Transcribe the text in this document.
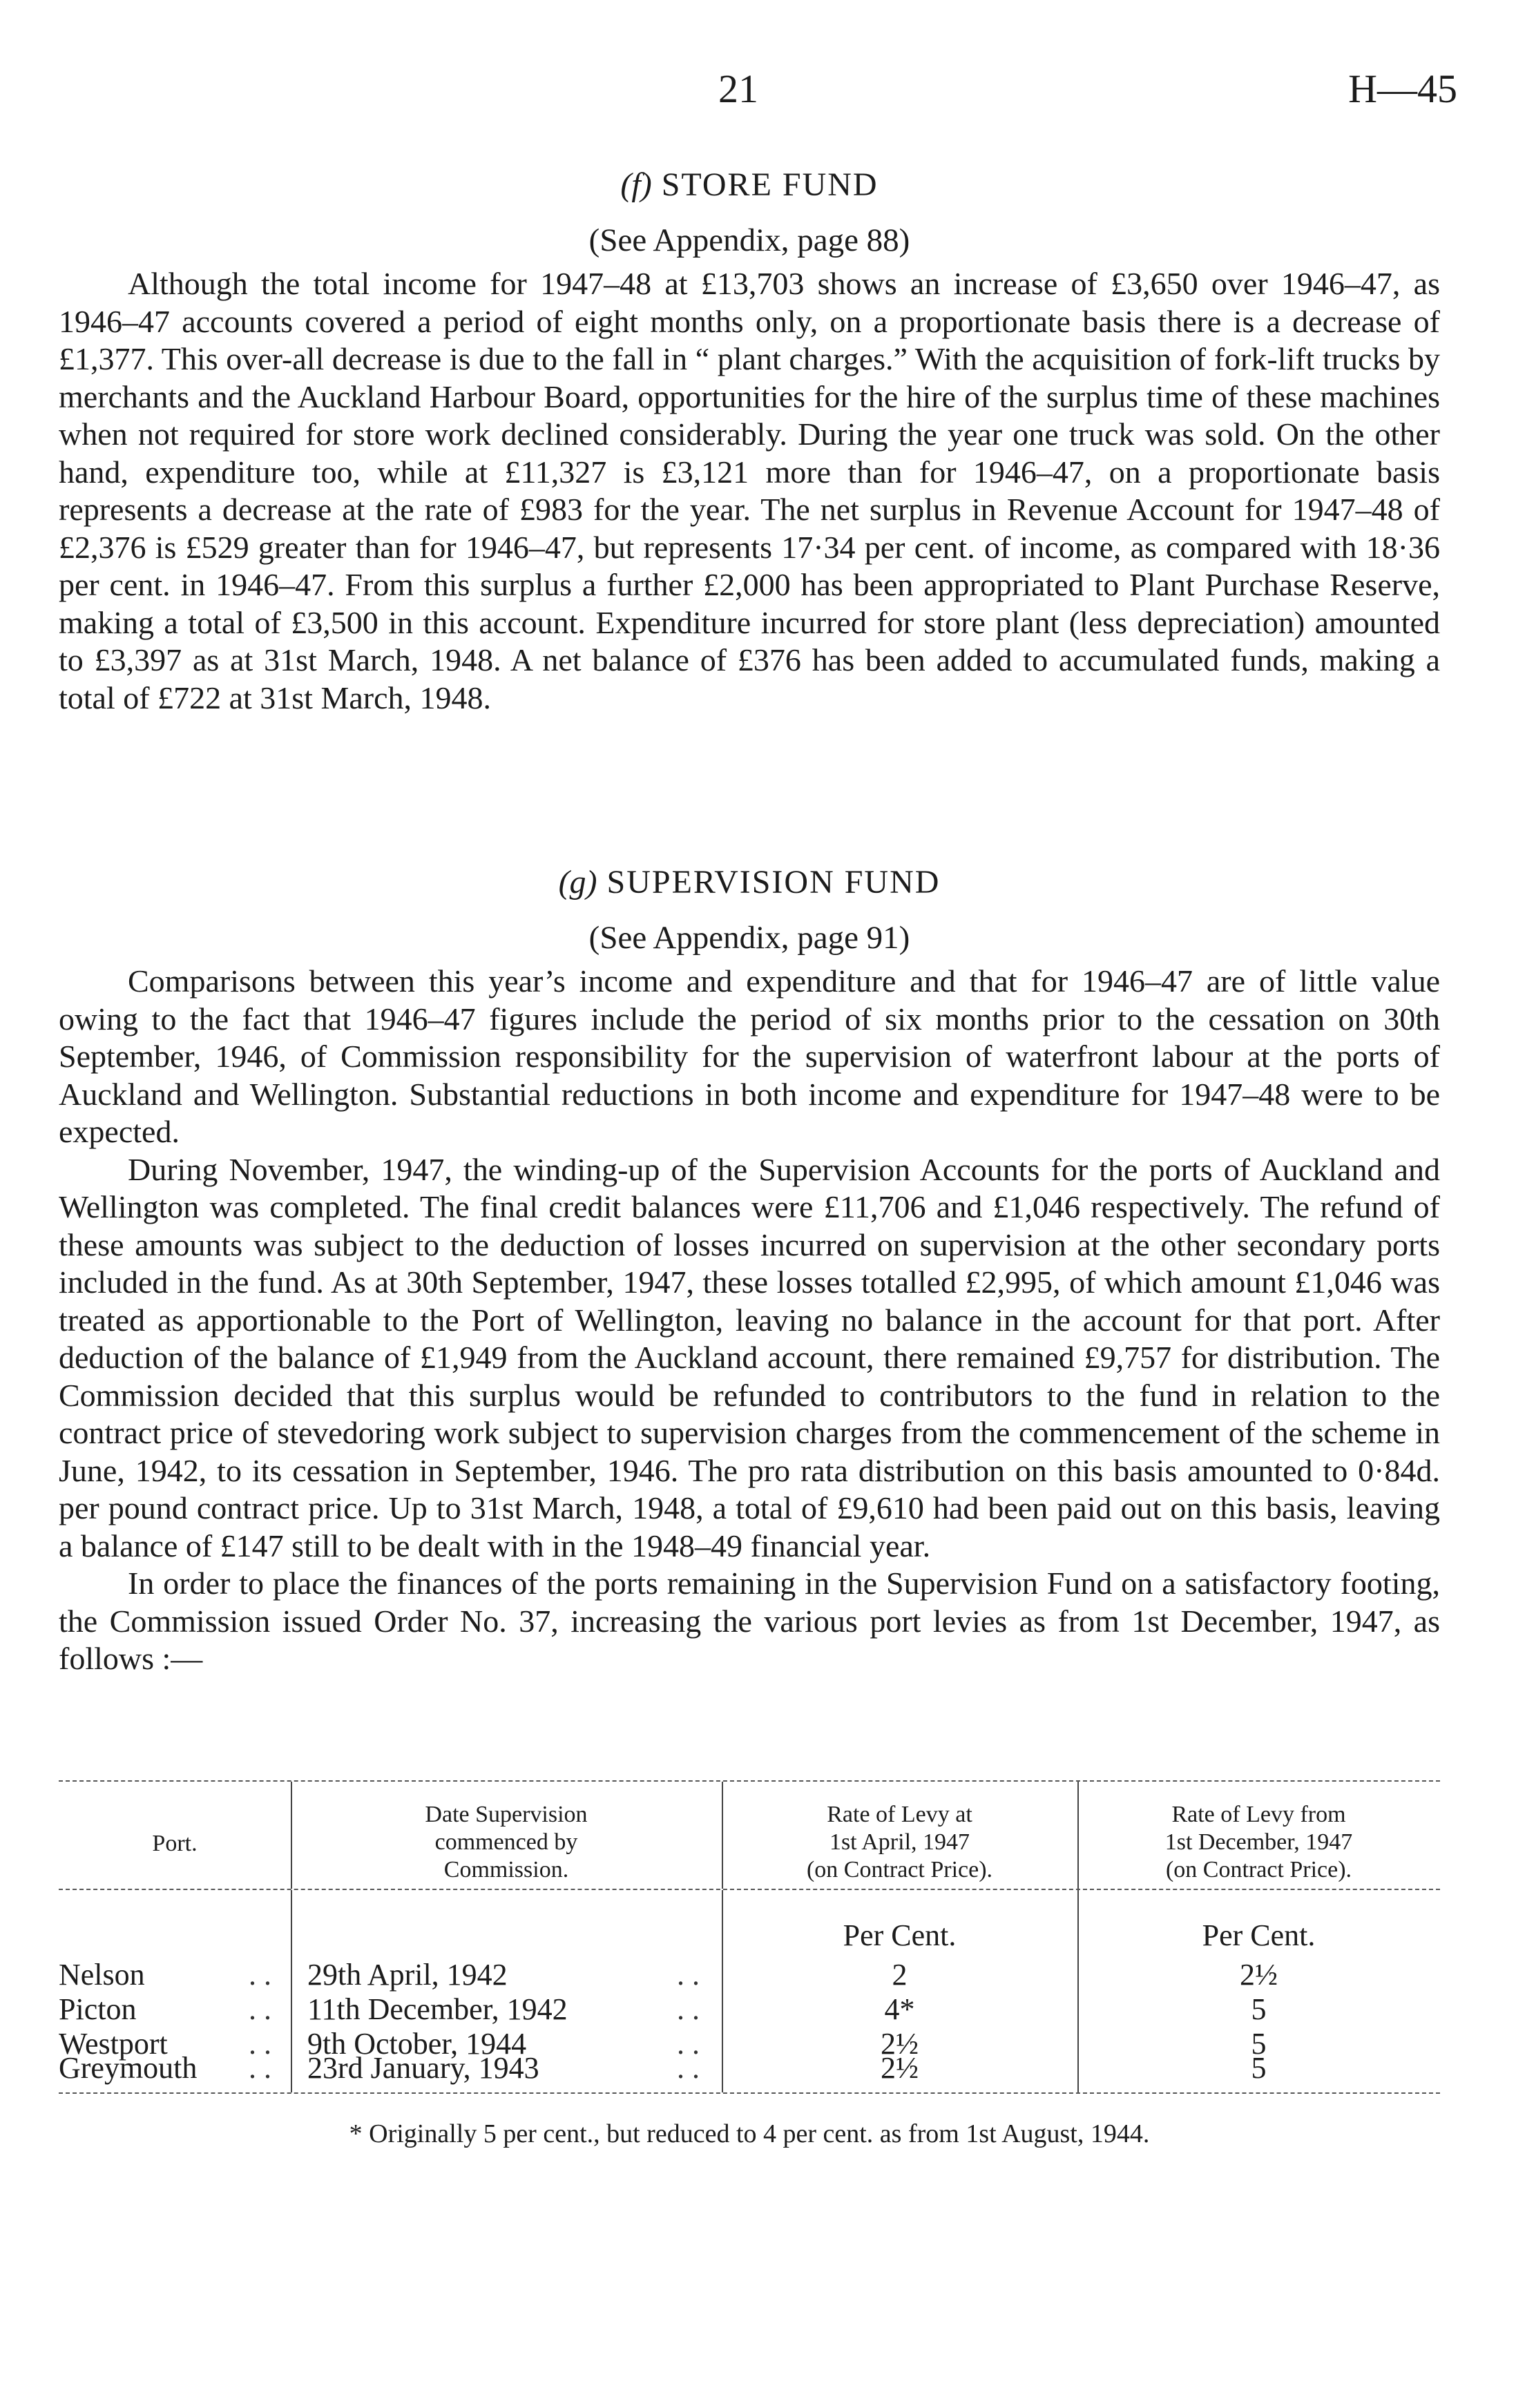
21	H—45
(f) STORE FUND
(See Appendix, page 88)

Although the total income for 1947–48 at £13,703 shows an increase of £3,650 over 1946–47, as 1946–47 accounts covered a period of eight months only, on a proportionate basis there is a decrease of £1,377. This over-all decrease is due to the fall in “ plant charges.” With the acquisition of fork-lift trucks by merchants and the Auckland Harbour Board, opportunities for the hire of the surplus time of these machines when not required for store work declined considerably. During the year one truck was sold. On the other hand, expenditure too, while at £11,327 is £3,121 more than for 1946–47, on a proportionate basis represents a decrease at the rate of £983 for the year. The net surplus in Revenue Account for 1947–48 of £2,376 is £529 greater than for 1946–47, but represents 17·34 per cent. of income, as compared with 18·36 per cent. in 1946–47. From this surplus a further £2,000 has been appropriated to Plant Purchase Reserve, making a total of £3,500 in this account. Expenditure incurred for store plant (less depreciation) amounted to £3,397 as at 31st March, 1948. A net balance of £376 has been added to accumulated funds, making a total of £722 at 31st March, 1948.

(g) SUPERVISION FUND
(See Appendix, page 91)

Comparisons between this year’s income and expenditure and that for 1946–47 are of little value owing to the fact that 1946–47 figures include the period of six months prior to the cessation on 30th September, 1946, of Commission responsibility for the supervision of waterfront labour at the ports of Auckland and Wellington. Substantial reductions in both income and expenditure for 1947–48 were to be expected.

During November, 1947, the winding-up of the Supervision Accounts for the ports of Auckland and Wellington was completed. The final credit balances were £11,706 and £1,046 respectively. The refund of these amounts was subject to the deduction of losses incurred on supervision at the other secondary ports included in the fund. As at 30th September, 1947, these losses totalled £2,995, of which amount £1,046 was treated as apportionable to the Port of Wellington, leaving no balance in the account for that port. After deduction of the balance of £1,949 from the Auckland account, there remained £9,757 for distribution. The Commission decided that this surplus would be refunded to contributors to the fund in relation to the contract price of stevedoring work subject to supervision charges from the commencement of the scheme in June, 1942, to its cessation in September, 1946. The pro rata distribution on this basis amounted to 0·84d. per pound contract price. Up to 31st March, 1948, a total of £9,610 had been paid out on this basis, leaving a balance of £147 still to be dealt with in the 1948–49 financial year.

In order to place the finances of the ports remaining in the Supervision Fund on a satisfactory footing, the Commission issued Order No. 37, increasing the various port levies as from 1st December, 1947, as follows :—

Port.
Date Supervision
commenced by
Commission.
Rate of Levy at
1st April, 1947
(on Contract Price).
Rate of Levy from
1st December, 1947
(on Contract Price).
Per Cent.	Per Cent.
Nelson	. . 29th April, 1942	. .	2	2½
Picton	. . 11th December, 1942	. .	4*	5
Westport	. . 9th October, 1944	. .	2½	5
Greymouth . . 23rd January, 1943	. .	2½	5
* Originally 5 per cent., but reduced to 4 per cent. as from 1st August, 1944.
